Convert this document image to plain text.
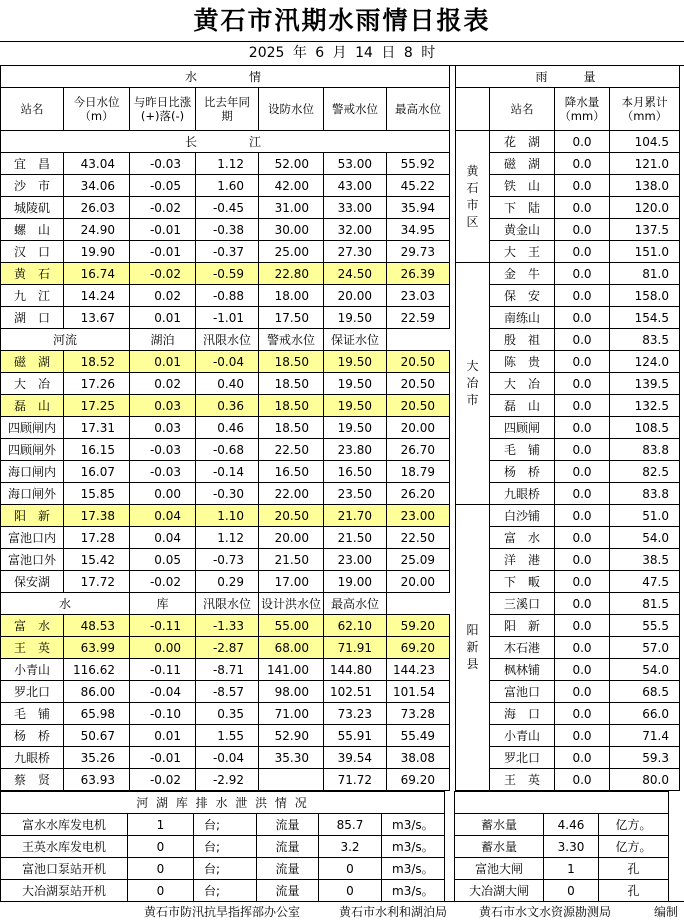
黄石市汛期水雨情日报表
2025 年 6 月 14 日 8 时
水　　　情						
站名	今日水位（m）	与昨日比涨(+)落(-)	比去年同　期	设防水位	警戒水位	最高水位
长　　　江						
宜　昌	43.04	-0.03	1.12	52.00	53.00	55.92
沙　市	34.06	-0.05	1.60	42.00	43.00	45.22
城陵矶	26.03	-0.02	-0.45	31.00	33.00	35.94
螺　山	24.90	-0.01	-0.38	30.00	32.00	34.95
汉　口	19.90	-0.01	-0.37	25.00	27.30	29.73
黄　石	16.74	-0.02	-0.59	22.80	24.50	26.39
九　江	14.24	0.02	-0.88	18.00	20.00	23.03
湖　口	13.67	0.01	-1.01	17.50	19.50	22.59
河流		湖泊	汛限水位	警戒水位	保证水位	
磁　湖	18.52	0.01	-0.04	18.50	19.50	20.50
大　冶	17.26	0.02	0.40	18.50	19.50	20.50
磊　山	17.25	0.03	0.36	18.50	19.50	20.50
四顾闸内	17.31	0.03	0.46	18.50	19.50	20.00
四顾闸外	16.15	-0.03	-0.68	22.50	23.80	26.70
海口闸内	16.07	-0.03	-0.14	16.50	16.50	18.79
海口闸外	15.85	0.00	-0.30	22.00	23.50	26.20
阳　新	17.38	0.04	1.10	20.50	21.70	23.00
富池口内	17.28	0.04	1.12	20.00	21.50	22.50
富池口外	15.42	0.05	-0.73	21.50	23.00	25.09
保安湖	17.72	-0.02	0.29	17.00	19.00	20.00
水		库	汛限水位	设计洪水位	最高水位	
富　水	48.53	-0.11	-1.33	55.00	62.10	59.20
王　英	63.99	0.00	-2.87	68.00	71.91	69.20
小青山	116.62	-0.11	-8.71	141.00	144.80	144.23
罗北口	86.00	-0.04	-8.57	98.00	102.51	101.54
毛　铺	65.98	-0.10	0.35	71.00	73.23	73.28
杨　桥	50.67	0.01	1.55	52.90	55.91	55.49
九眼桥	35.26	-0.01	-0.04	35.30	39.54	38.08
蔡　贤	63.93	-0.02	-2.92		71.72	69.20
雨　　量			
	站名	降水量（mm）	本月累计（mm）

黄石市区	花　湖	0.0	104.5
	磁　湖	0.0	121.0
	铁　山	0.0	138.0
	下　陆	0.0	120.0
	黄金山	0.0	137.5
	大　王	0.0	151.0

大冶市	金　牛	0.0	81.0
	保　安	0.0	158.0
	南练山	0.0	154.5
	殷　祖	0.0	83.5
	陈　贵	0.0	124.0
	大　冶	0.0	139.5
	磊　山	0.0	132.5
	四顾闸	0.0	108.5
	毛　铺	0.0	83.8
	杨　桥	0.0	82.5
	九眼桥	0.0	83.8

阳新县	白沙铺	0.0	51.0
	富　水	0.0	54.0
	洋　港	0.0	38.5
	下　畈	0.0	47.5
	三溪口	0.0	81.5
	阳　新	0.0	55.5
	木石港	0.0	57.0
	枫林铺	0.0	54.0
	富池口	0.0	68.5
	海　口	0.0	66.0
	小青山	0.0	71.4
	罗北口	0.0	59.3
	王　英	0.0	80.0
河 湖 库 排 水 泄 洪 情 况									
富水水库发电机	1	台;	流量	85.7	m3/s。		蓄水量	4.46	亿方。
王英水库发电机	0	台;	流量	3.2	m3/s。		蓄水量	3.30	亿方。
富池口泵站开机	0	台;	流量	0	m3/s。		富池大闸	1	孔
大冶湖泵站开机	0	台;	流量	0	m3/s。		大冶湖大闸	0	孔
黄石市防汛抗旱指挥部办公室	黄石市水利和湖泊局	黄石市水文水资源勘测局	编制
